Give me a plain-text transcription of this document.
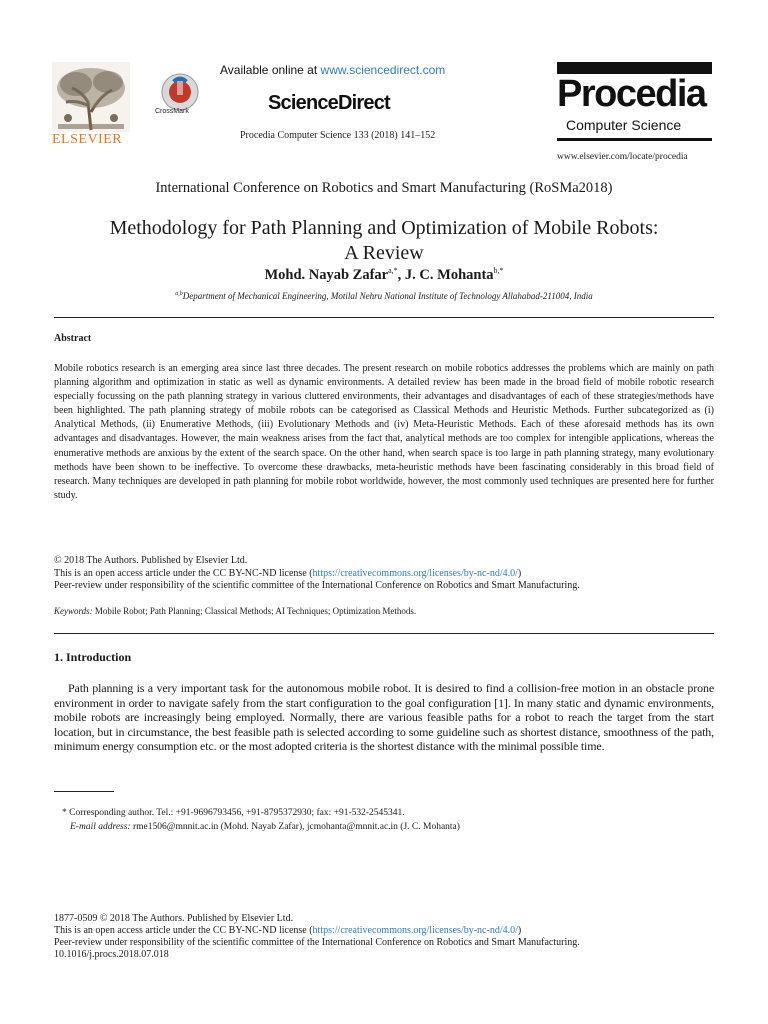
ELSEVIER
CrossMark
Available online at www.sciencedirect.com
ScienceDirect
Procedia Computer Science 133 (2018) 141–152
Procedia
Computer Science
www.elsevier.com/locate/procedia
International Conference on Robotics and Smart Manufacturing (RoSMa2018)
Methodology for Path Planning and Optimization of Mobile Robots:
A Review
Mohd. Nayab Zafar$^{a,*}$, J. C. Mohanta$^{b,*}$
$^{a,b}$Department of Mechanical Engineering, Motilal Nehru National Institute of Technology Allahabad-211004, India
Abstract
Mobile robotics research is an emerging area since last three decades. The present research on mobile robotics addresses the problems which are mainly on path planning algorithm and optimization in static as well as dynamic environments. A detailed review has been made in the broad field of mobile robotic research especially focussing on the path planning strategy in various cluttered environments, their advantages and disadvantages of each of these strategies/methods have been highlighted. The path planning strategy of mobile robots can be categorised as Classical Methods and Heuristic Methods. Further subcategorized as (i) Analytical Methods, (ii) Enumerative Methods, (iii) Evolutionary Methods and (iv) Meta-Heuristic Methods. Each of these aforesaid methods has its own advantages and disadvantages. However, the main weakness arises from the fact that, analytical methods are too complex for intengible applications, whereas the enumerative methods are anxious by the extent of the search space. On the other hand, when search space is too large in path planning strategy, many evolutionary methods have been shown to be ineffective. To overcome these drawbacks, meta-heuristic methods have been fascinating considerably in this broad field of research. Many techniques are developed in path planning for mobile robot worldwide, however, the most commonly used techniques are presented here for further study.
© 2018 The Authors. Published by Elsevier Ltd.
This is an open access article under the CC BY-NC-ND license (https://creativecommons.org/licenses/by-nc-nd/4.0/)
Peer-review under responsibility of the scientific committee of the International Conference on Robotics and Smart Manufacturing.
Keywords: Mobile Robot; Path Planning; Classical Methods; AI Techniques; Optimization Methods.
1. Introduction
Path planning is a very important task for the autonomous mobile robot. It is desired to find a collision-free motion in an obstacle prone environment in order to navigate safely from the start configuration to the goal configuration [1]. In many static and dynamic environments, mobile robots are increasingly being employed. Normally, there are various feasible paths for a robot to reach the target from the start location, but in circumstance, the best feasible path is selected according to some guideline such as shortest distance, smoothness of the path, minimum energy consumption etc. or the most adopted criteria is the shortest distance with the minimal possible time.
* Corresponding author. Tel.: +91-9696793456, +91-8795372930; fax: +91-532-2545341.
E-mail address: rme1506@mnnit.ac.in (Mohd. Nayab Zafar), jcmohanta@mnnit.ac.in (J. C. Mohanta)
1877-0509 © 2018 The Authors. Published by Elsevier Ltd.
This is an open access article under the CC BY-NC-ND license (https://creativecommons.org/licenses/by-nc-nd/4.0/)
Peer-review under responsibility of the scientific committee of the International Conference on Robotics and Smart Manufacturing.
10.1016/j.procs.2018.07.018
